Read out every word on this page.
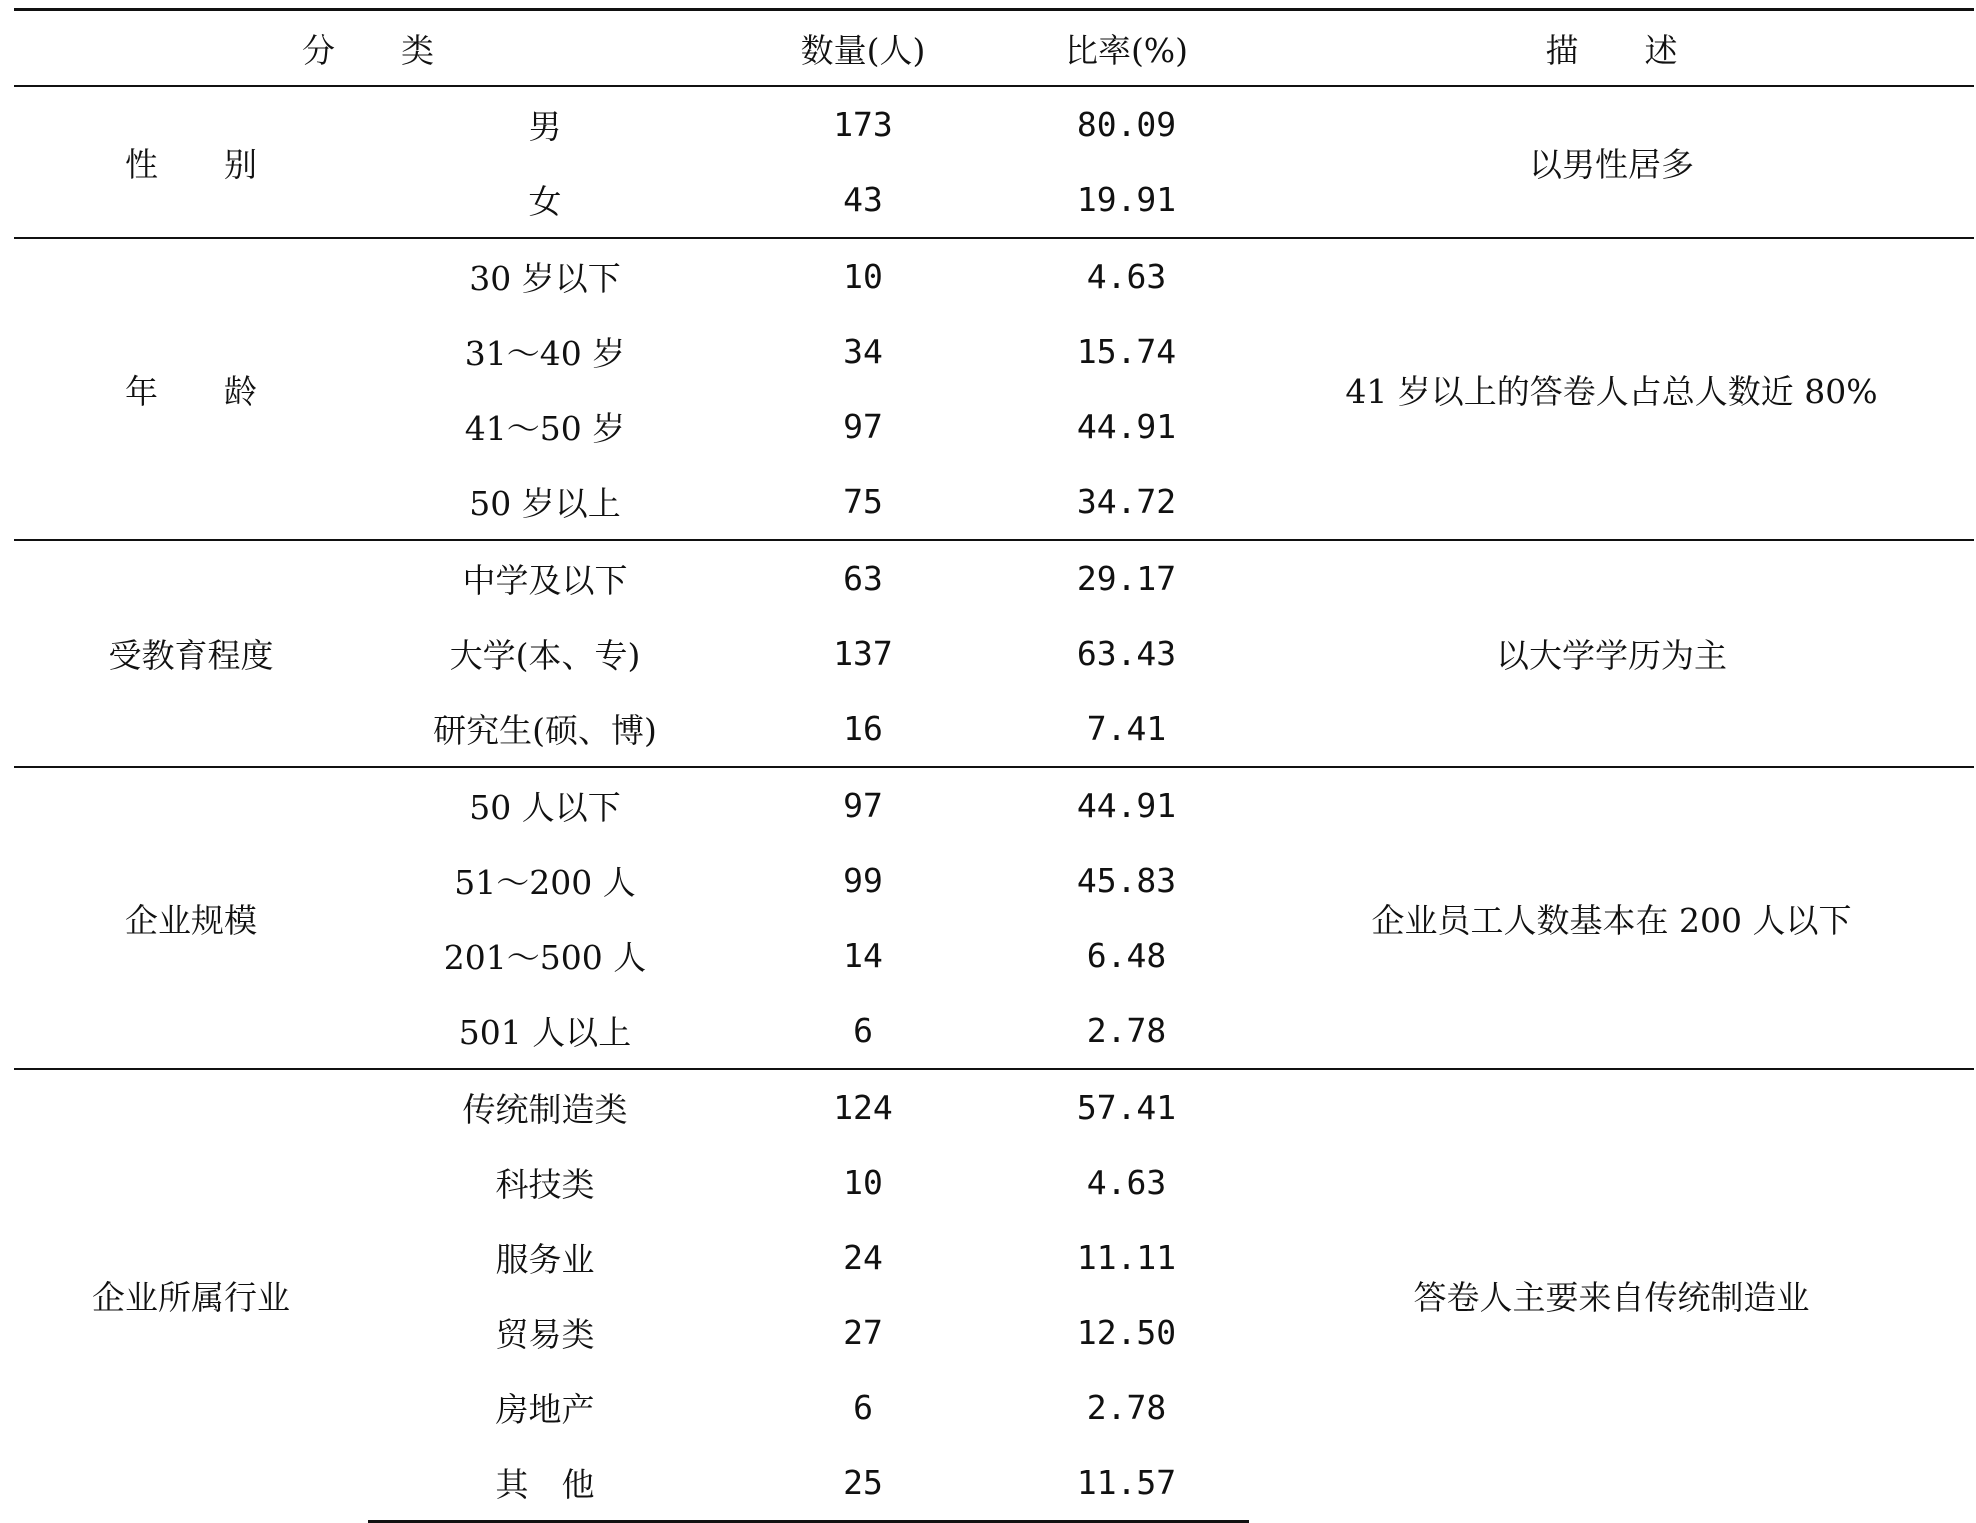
分　　类		数量(人)	比率(%)	描　　述
性　　别	男	173	80.09	以男性居多
	女	43	19.91	
年　　龄	30 岁以下	10	4.63	41 岁以上的答卷人占总人数近 80%
	31～40 岁	34	15.74	
	41～50 岁	97	44.91	
	50 岁以上	75	34.72	
受教育程度	中学及以下	63	29.17	以大学学历为主
	大学(本、专)	137	63.43	
	研究生(硕、博)	16	7.41	
企业规模	50 人以下	97	44.91	企业员工人数基本在 200 人以下
	51～200 人	99	45.83	
	201～500 人	14	6.48	
	501 人以上	6	2.78	
企业所属行业	传统制造类	124	57.41	答卷人主要来自传统制造业
	科技类	10	4.63	
	服务业	24	11.11	
	贸易类	27	12.50	
	房地产	6	2.78	
	其　他	25	11.57	
